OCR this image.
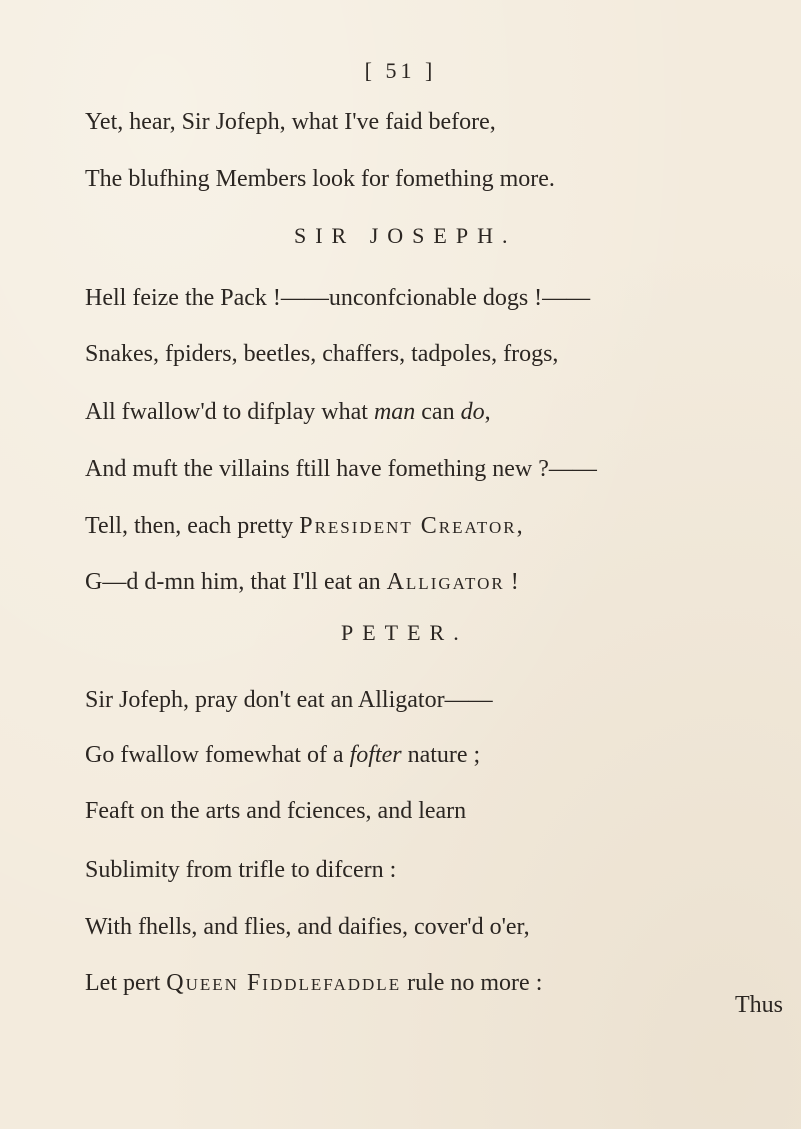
[ 51 ]
Yet, hear, Sir Jofeph, what I've faid before,
The blufhing Members look for fomething more.
SIR JOSEPH.
Hell feize the Pack !——unconfcionable dogs !——
Snakes, fpiders, beetles, chaffers, tadpoles, frogs,
All fwallow'd to difplay what man can do,
And muft the villains ftill have fomething new ?——
Tell, then, each pretty President Creator,
G—d d-mn him, that I'll eat an Alligator !
PETER.
Sir Jofeph, pray don't eat an Alligator——
Go fwallow fomewhat of a fofter nature ;
Feaft on the arts and fciences, and learn
Sublimity from trifle to difcern :
With fhells, and flies, and daifies, cover'd o'er,
Let pert Queen Fiddlefaddle rule no more :
Thus
